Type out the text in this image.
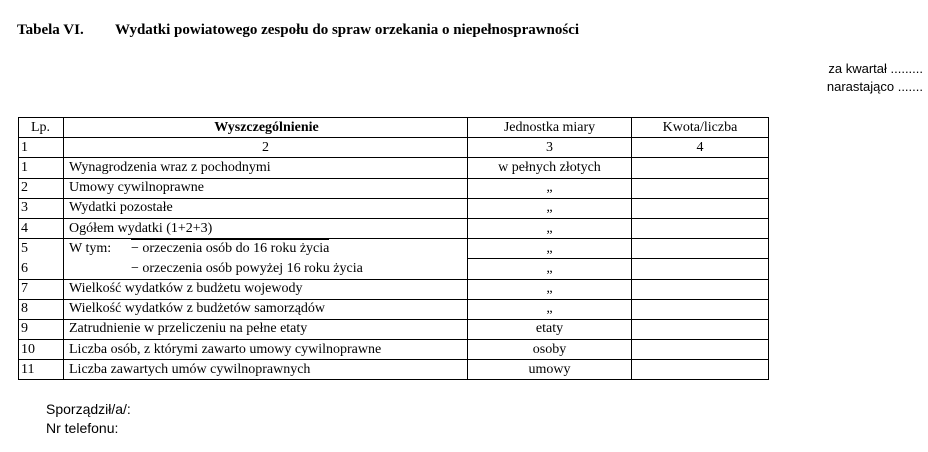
Tabela VI. Wydatki powiatowego zespołu do spraw orzekania o niepełnosprawności
za kwartał .........
narastająco .......
Lp.	Wyszczególnienie	Jednostka miary	Kwota/liczba
1	2	3	4
1	Wynagrodzenia wraz z pochodnymi	w pełnych złotych	
2	Umowy cywilnoprawne	„	
3	Wydatki pozostałe	„	
4	Ogółem wydatki (1+2+3)	„	
5	W tym: − orzeczenia osób do 16 roku życia	„	
6	− orzeczenia osób powyżej 16 roku życia	„	
7	Wielkość wydatków z budżetu wojewody	„	
8	Wielkość wydatków z budżetów samorządów	„	
9	Zatrudnienie w przeliczeniu na pełne etaty	etaty	
10	Liczba osób, z którymi zawarto umowy cywilnoprawne	osoby	
11	Liczba zawartych umów cywilnoprawnych	umowy	
Sporządził/a/:
Nr telefonu:
